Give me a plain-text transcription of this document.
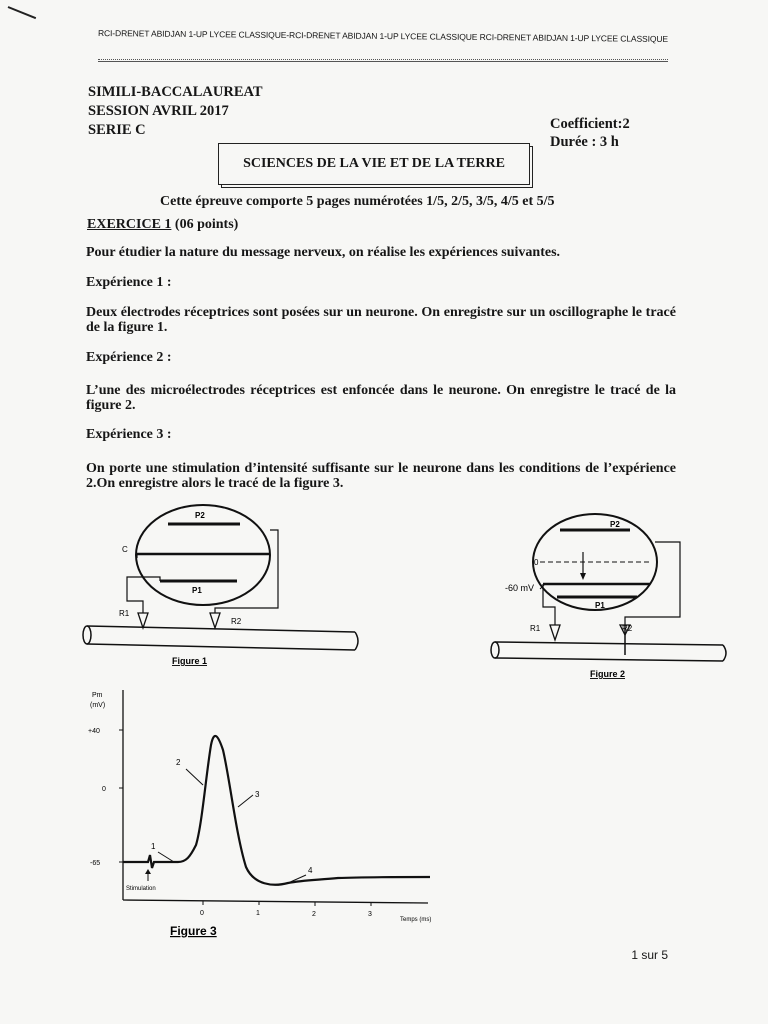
RCI-DRENET ABIDJAN 1-UP LYCEE CLASSIQUE-RCI-DRENET ABIDJAN 1-UP LYCEE CLASSIQUE RCI-DRENET ABIDJAN 1-UP LYCEE CLASSIQUE
SIMILI-BACCALAUREAT
SESSION AVRIL 2017
SERIE C	Coefficient:2
Durée : 3 h
SCIENCES DE LA VIE ET DE LA TERRE
Cette épreuve comporte 5 pages numérotées 1/5, 2/5, 3/5, 4/5 et 5/5
EXERCICE 1 (06 points)
Pour étudier la nature du message nerveux, on réalise les expériences suivantes.
Expérience 1 :
Deux électrodes réceptrices sont posées sur un neurone. On enregistre sur un oscillographe le tracé de la figure 1.
Expérience 2 :
L’une des microélectrodes réceptrices est enfoncée dans le neurone. On enregistre le tracé de la figure 2.
Expérience 3 :
On porte une stimulation d’intensité suffisante sur le neurone dans les conditions de l’expérience 2.On enregistre alors le tracé de la figure 3.
P2
P1
C
R1
R2
Figure 1
P2
P1
0
-60 mV
R1	R2
Figure 2
Pm
(mV)
+40
0
-65
0	1	2	3
Temps (ms)
1
2
3
4
Stimulation
Figure 3
1 sur 5
